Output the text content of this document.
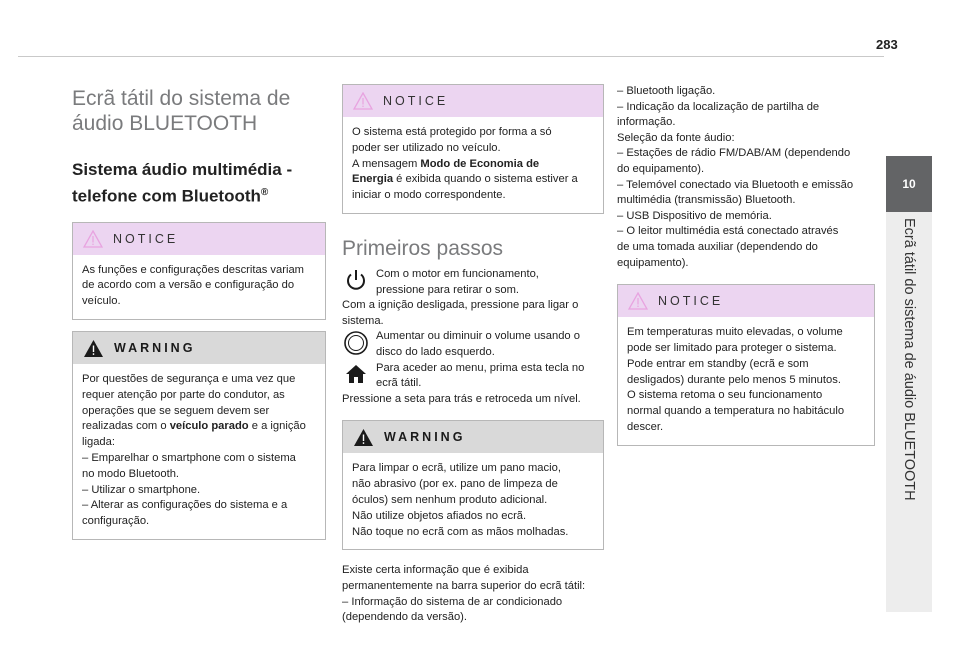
283
10
Ecrã tátil do sistema de áudio BLUETOOTH
Ecrã tátil do sistema de
áudio BLUETOOTH
Sistema áudio multimédia -
telefone com Bluetooth®
NOTICE
As funções e configurações descritas variam
de acordo com a versão e configuração do
veículo.
WARNING
Por questões de segurança e uma vez que
requer atenção por parte do condutor, as
operações que se seguem devem ser
realizadas com o veículo parado e a ignição
ligada:
– Emparelhar o smartphone com o sistema
no modo Bluetooth.
– Utilizar o smartphone.
– Alterar as configurações do sistema e a
configuração.
NOTICE
O sistema está protegido por forma a só
poder ser utilizado no veículo.
A mensagem Modo de Economia de
Energia é exibida quando o sistema estiver a
iniciar o modo correspondente.
Primeiros passos
Com o motor em funcionamento,
pressione para retirar o som.
Com a ignição desligada, pressione para ligar o
sistema.
Aumentar ou diminuir o volume usando o
disco do lado esquerdo.
Para aceder ao menu, prima esta tecla no
ecrã tátil.
Pressione a seta para trás e retroceda um nível.
WARNING
Para limpar o ecrã, utilize um pano macio,
não abrasivo (por ex. pano de limpeza de
óculos) sem nenhum produto adicional.
Não utilize objetos afiados no ecrã.
Não toque no ecrã com as mãos molhadas.
Existe certa informação que é exibida
permanentemente na barra superior do ecrã tátil:
– Informação do sistema de ar condicionado
(dependendo da versão).
– Bluetooth ligação.
– Indicação da localização de partilha de
informação.
Seleção da fonte áudio:
– Estações de rádio FM/DAB/AM (dependendo
do equipamento).
– Telemóvel conectado via Bluetooth e emissão
multimédia (transmissão) Bluetooth.
– USB Dispositivo de memória.
– O leitor multimédia está conectado através
de uma tomada auxiliar (dependendo do
equipamento).
NOTICE
Em temperaturas muito elevadas, o volume
pode ser limitado para proteger o sistema.
Pode entrar em standby (ecrã e som
desligados) durante pelo menos 5 minutos.
O sistema retoma o seu funcionamento
normal quando a temperatura no habitáculo
descer.
